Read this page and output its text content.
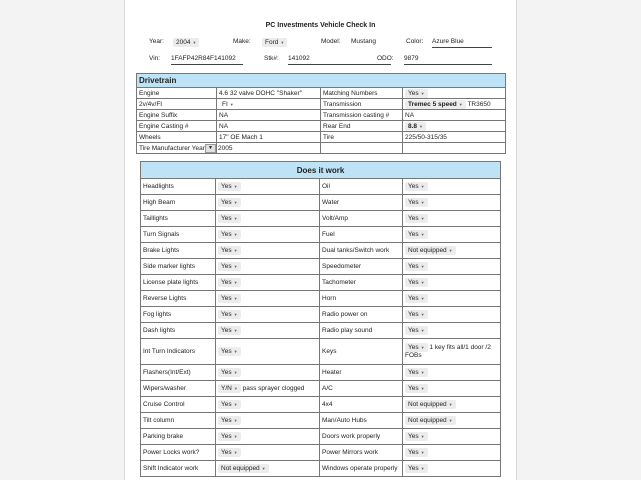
PC Investments Vehicle Check In
Year:	2004 ▼	Make:	Ford ▼	Model: Mustang	Color: Azure Blue
Vin: 1FAFP42R84F141092	Stk#: 141092	ODO: 9879
Drivetrain			
Engine	4.6 32 valve DOHC "Shaker"	Matching Numbers	Yes ▼
2v/4v/FI	FI ▼	Transmission	Tremec 5 speed ▼ TR3650
Engine Suffix	NA	Transmission casting #	NA
Engine Casting #	NA	Rear End	8.8 ▼
Wheels	17" OE Mach 1	Tire	225/50-315/35
Tire Manufacturer Year	▼ 2005		
Does it work			
Headlights	Yes ▼	Oil	Yes ▼
High Beam	Yes ▼	Water	Yes ▼
Taillights	Yes ▼	Volt/Amp	Yes ▼
Turn Signals	Yes ▼	Fuel	Yes ▼
Brake Lights	Yes ▼	Dual tanks/Switch work	Not equipped ▼
Side marker lights	Yes ▼	Speedometer	Yes ▼
License plate lights	Yes ▼	Tachometer	Yes ▼
Reverse Lights	Yes ▼	Horn	Yes ▼
Fog lights	Yes ▼	Radio power on	Yes ▼
Dash lights	Yes ▼	Radio play sound	Yes ▼
Int Turn Indicators	Yes ▼	Keys	Yes ▼ 1 key fits all/1 door /2 FOBs
Flashers(Int/Ext)	Yes ▼	Heater	Yes ▼
Wipers/washer	Y/N ▼ pass sprayer clogged	A/C	Yes ▼
Cruise Control	Yes ▼	4x4	Not equipped ▼
Tilt column	Yes ▼	Man/Auto Hubs	Not equipped ▼
Parking brake	Yes ▼	Doors work properly	Yes ▼
Power Locks work?	Yes ▼	Power Mirrors work	Yes ▼
Shift Indicator work	Not equipped ▼	Windows operate properly	Yes ▼
